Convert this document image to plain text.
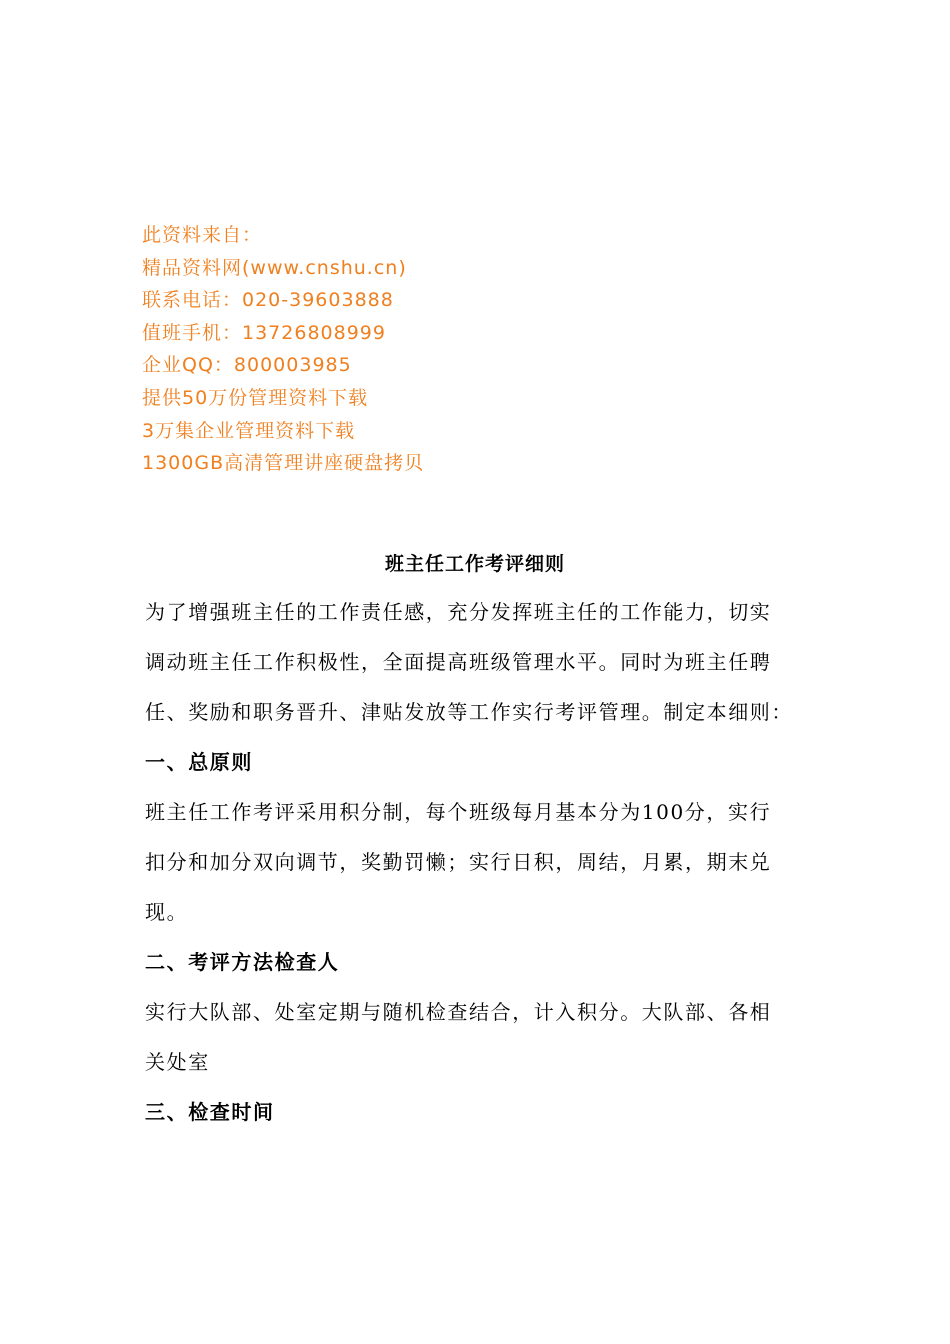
此资料来自：
精品资料网(www.cnshu.cn)
联系电话：020-39603888
值班手机：13726808999
企业QQ：800003985
提供50万份管理资料下载
3万集企业管理资料下载
1300GB高清管理讲座硬盘拷贝
班主任工作考评细则
为了增强班主任的工作责任感，充分发挥班主任的工作能力，切实
调动班主任工作积极性，全面提高班级管理水平。同时为班主任聘
任、奖励和职务晋升、津贴发放等工作实行考评管理。制定本细则：
一、总原则
班主任工作考评采用积分制，每个班级每月基本分为100分，实行
扣分和加分双向调节，奖勤罚懒；实行日积，周结，月累，期末兑
现。
二、考评方法检查人
实行大队部、处室定期与随机检查结合，计入积分。大队部、各相
关处室
三、检查时间
